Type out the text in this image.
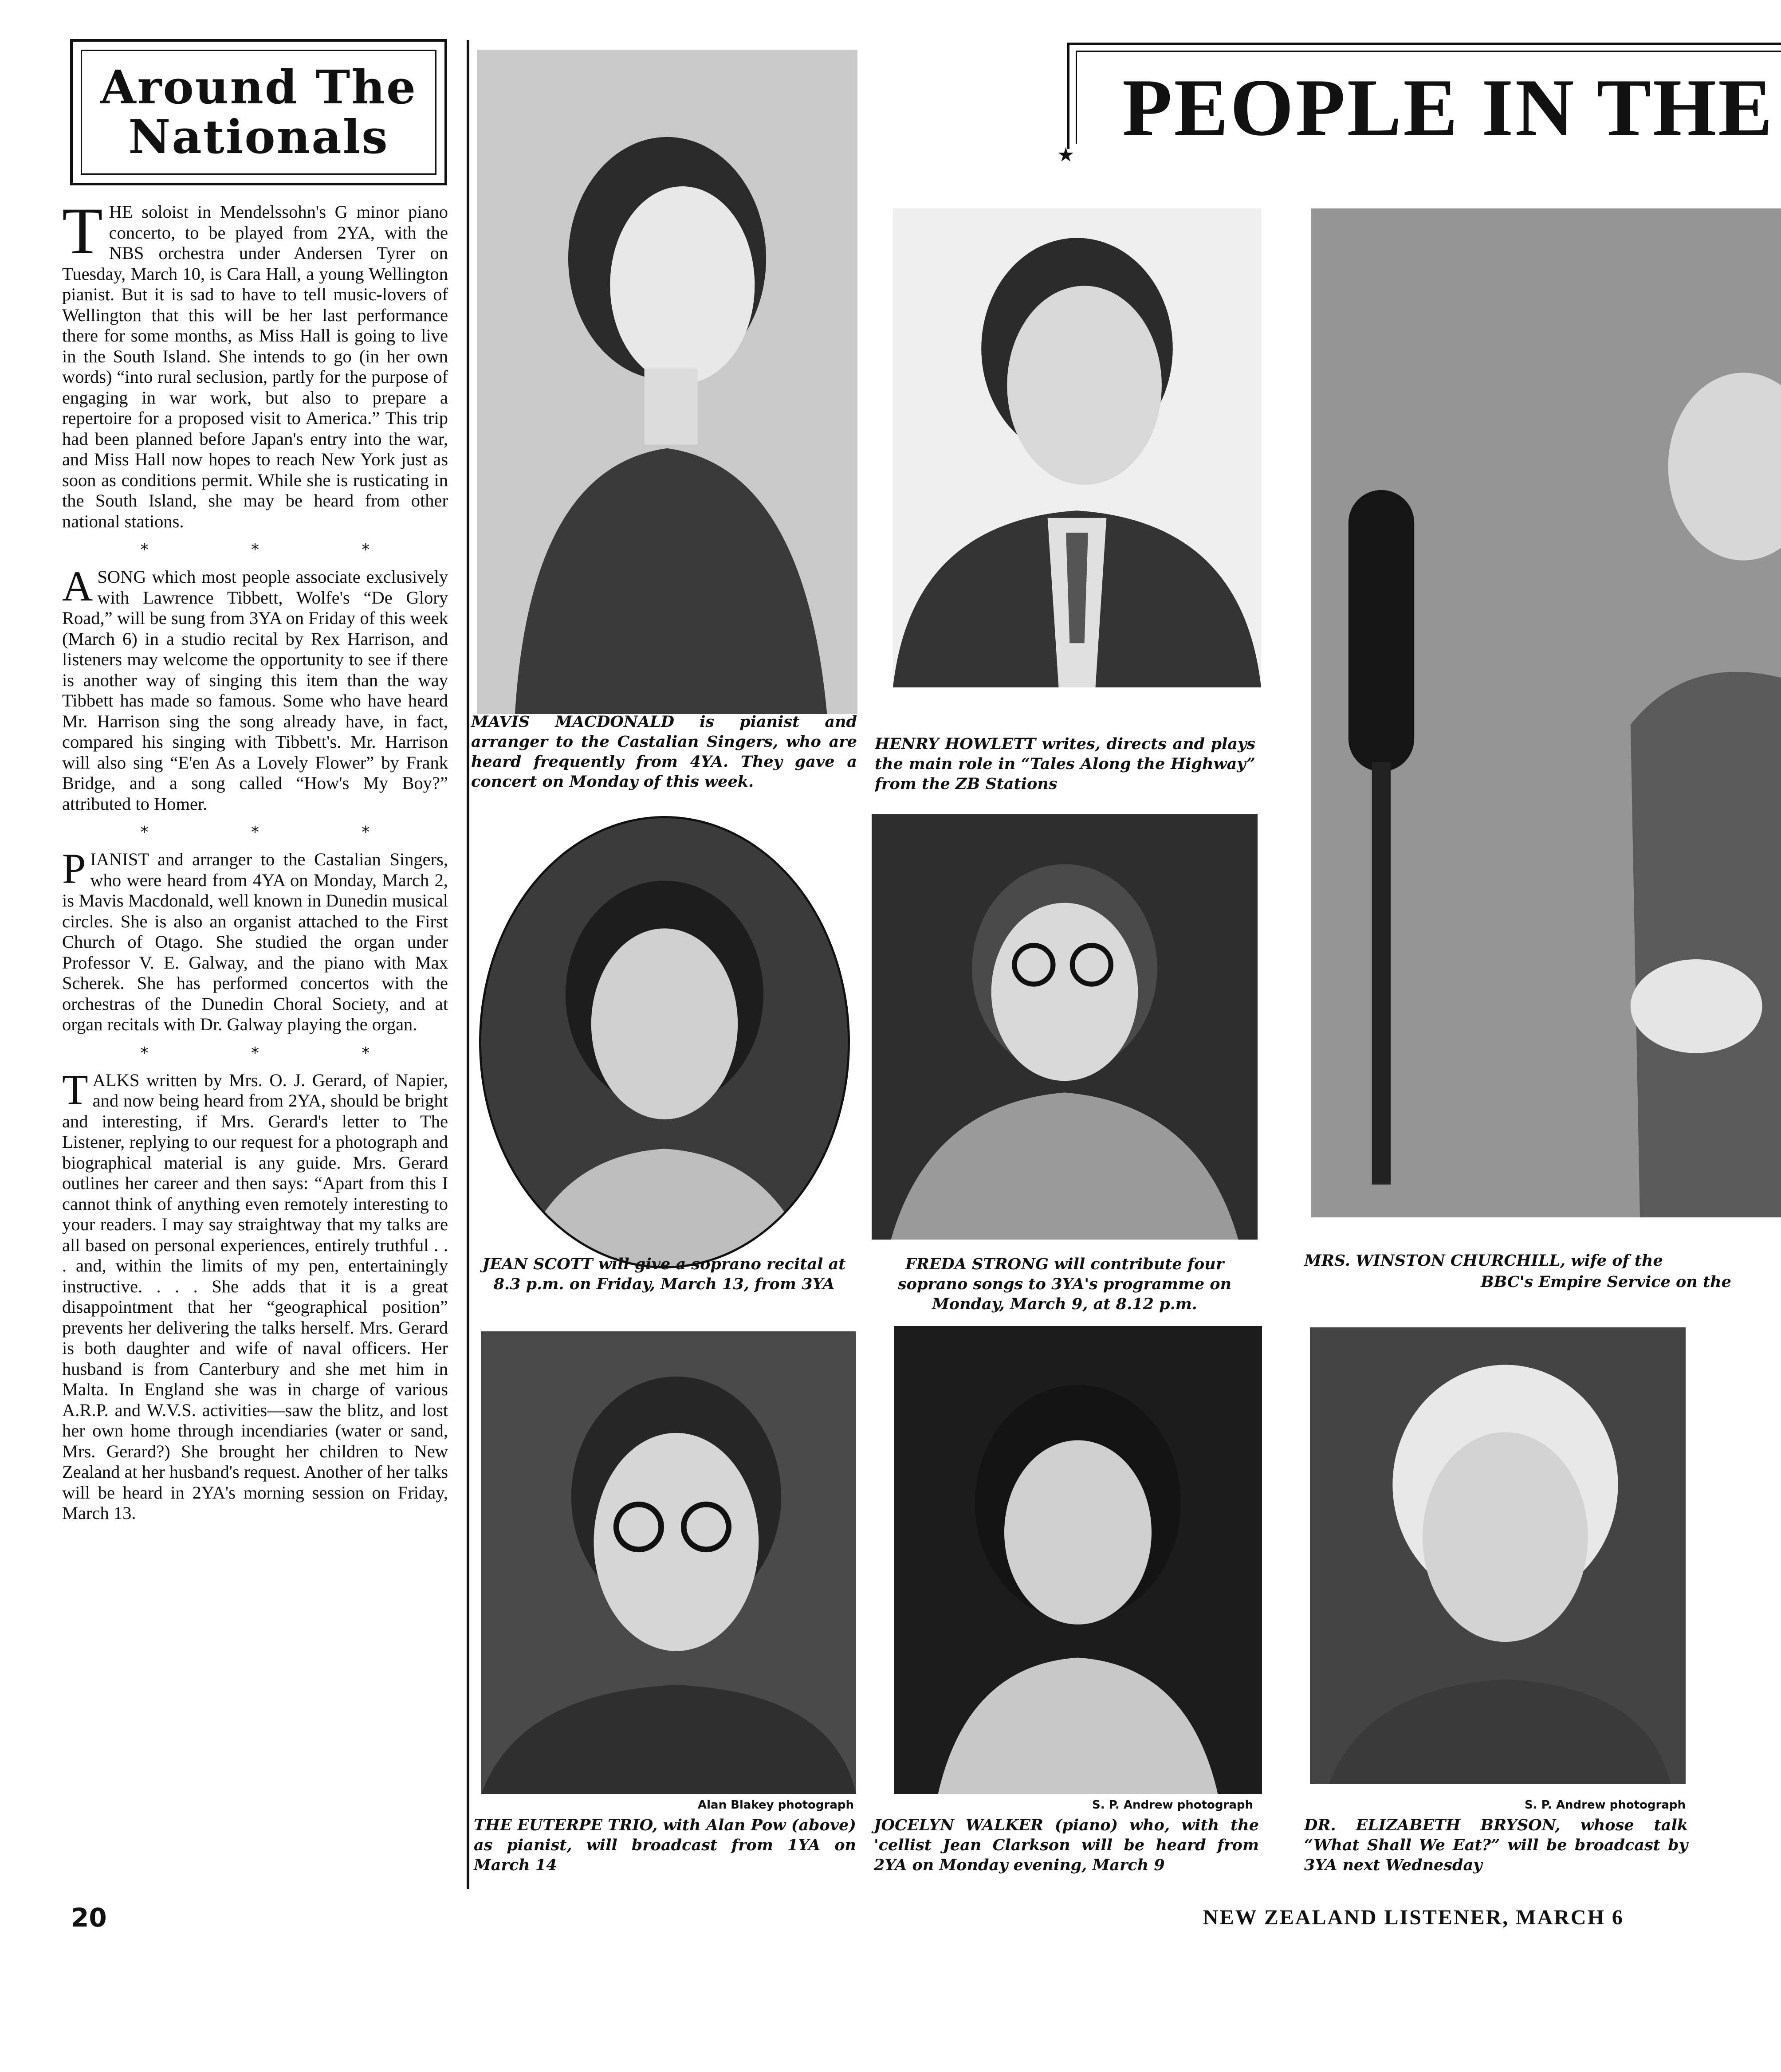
Around The
Nationals

THE soloist in Mendelssohn's G minor piano concerto, to be played from 2YA, with the NBS orchestra under Andersen Tyrer on Tuesday, March 10, is Cara Hall, a young Wellington pianist. But it is sad to have to tell music-lovers of Wellington that this will be her last performance there for some months, as Miss Hall is going to live in the South Island. She intends to go (in her own words) “into rural seclusion, partly for the purpose of engaging in war work, but also to prepare a repertoire for a proposed visit to America.” This trip had been planned before Japan's entry into the war, and Miss Hall now hopes to reach New York just as soon as conditions permit. While she is rusticating in the South Island, she may be heard from other national stations.

* * *

ASONG which most people associate exclusively with Lawrence Tibbett, Wolfe's “De Glory Road,” will be sung from 3YA on Friday of this week (March 6) in a studio recital by Rex Harrison, and listeners may welcome the opportunity to see if there is another way of singing this item than the way Tibbett has made so famous. Some who have heard Mr. Harrison sing the song already have, in fact, compared his singing with Tibbett's. Mr. Harrison will also sing “E'en As a Lovely Flower” by Frank Bridge, and a song called “How's My Boy?” attributed to Homer.

* * *

PIANIST and arranger to the Castalian Singers, who were heard from 4YA on Monday, March 2, is Mavis Macdonald, well known in Dunedin musical circles. She is also an organist attached to the First Church of Otago. She studied the organ under Professor V. E. Galway, and the piano with Max Scherek. She has performed concertos with the orchestras of the Dunedin Choral Society, and at organ recitals with Dr. Galway playing the organ.

* * *

TALKS written by Mrs. O. J. Gerard, of Napier, and now being heard from 2YA, should be bright and interesting, if Mrs. Gerard's letter to The Listener, replying to our request for a photograph and biographical material is any guide. Mrs. Gerard outlines her career and then says: “Apart from this I cannot think of anything even remotely interesting to your readers. I may say straightway that my talks are all based on personal experiences, entirely truthful . . . and, within the limits of my pen, entertainingly instructive. . . . She adds that it is a great disappointment that her “geographical position” prevents her delivering the talks herself. Mrs. Gerard is both daughter and wife of naval officers. Her husband is from Canterbury and she met him in Malta. In England she was in charge of various A.R.P. and W.V.S. activities—saw the blitz, and lost her own home through incendiaries (water or sand, Mrs. Gerard?) She brought her children to New Zealand at her husband's request. Another of her talks will be heard in 2YA's morning session on Friday, March 13.

★
PEOPLE IN THE
MAVIS MACDONALD is pianist and arranger to the Castalian Singers, who are heard frequently from 4YA. They gave a concert on Monday of this week.
HENRY HOWLETT writes, directs and plays the main role in “Tales Along the Highway” from the ZB Stations
JEAN SCOTT will give a soprano recital at 8.3 p.m. on Friday, March 13, from 3YA
FREDA STRONG will contribute four soprano songs to 3YA's programme on Monday, March 9, at 8.12 p.m.
MRS. WINSTON CHURCHILL, wife of the
BBC's Empire Service on the
Alan Blakey photograph	S. P. Andrew photograph	S. P. Andrew photograph
THE EUTERPE TRIO, with Alan Pow (above) as pianist, will broadcast from 1YA on March 14
JOCELYN WALKER (piano) who, with the 'cellist Jean Clarkson will be heard from 2YA on Monday evening, March 9
DR. ELIZABETH BRYSON, whose talk “What Shall We Eat?” will be broadcast by 3YA next Wednesday
20	NEW ZEALAND LISTENER, MARCH 6
